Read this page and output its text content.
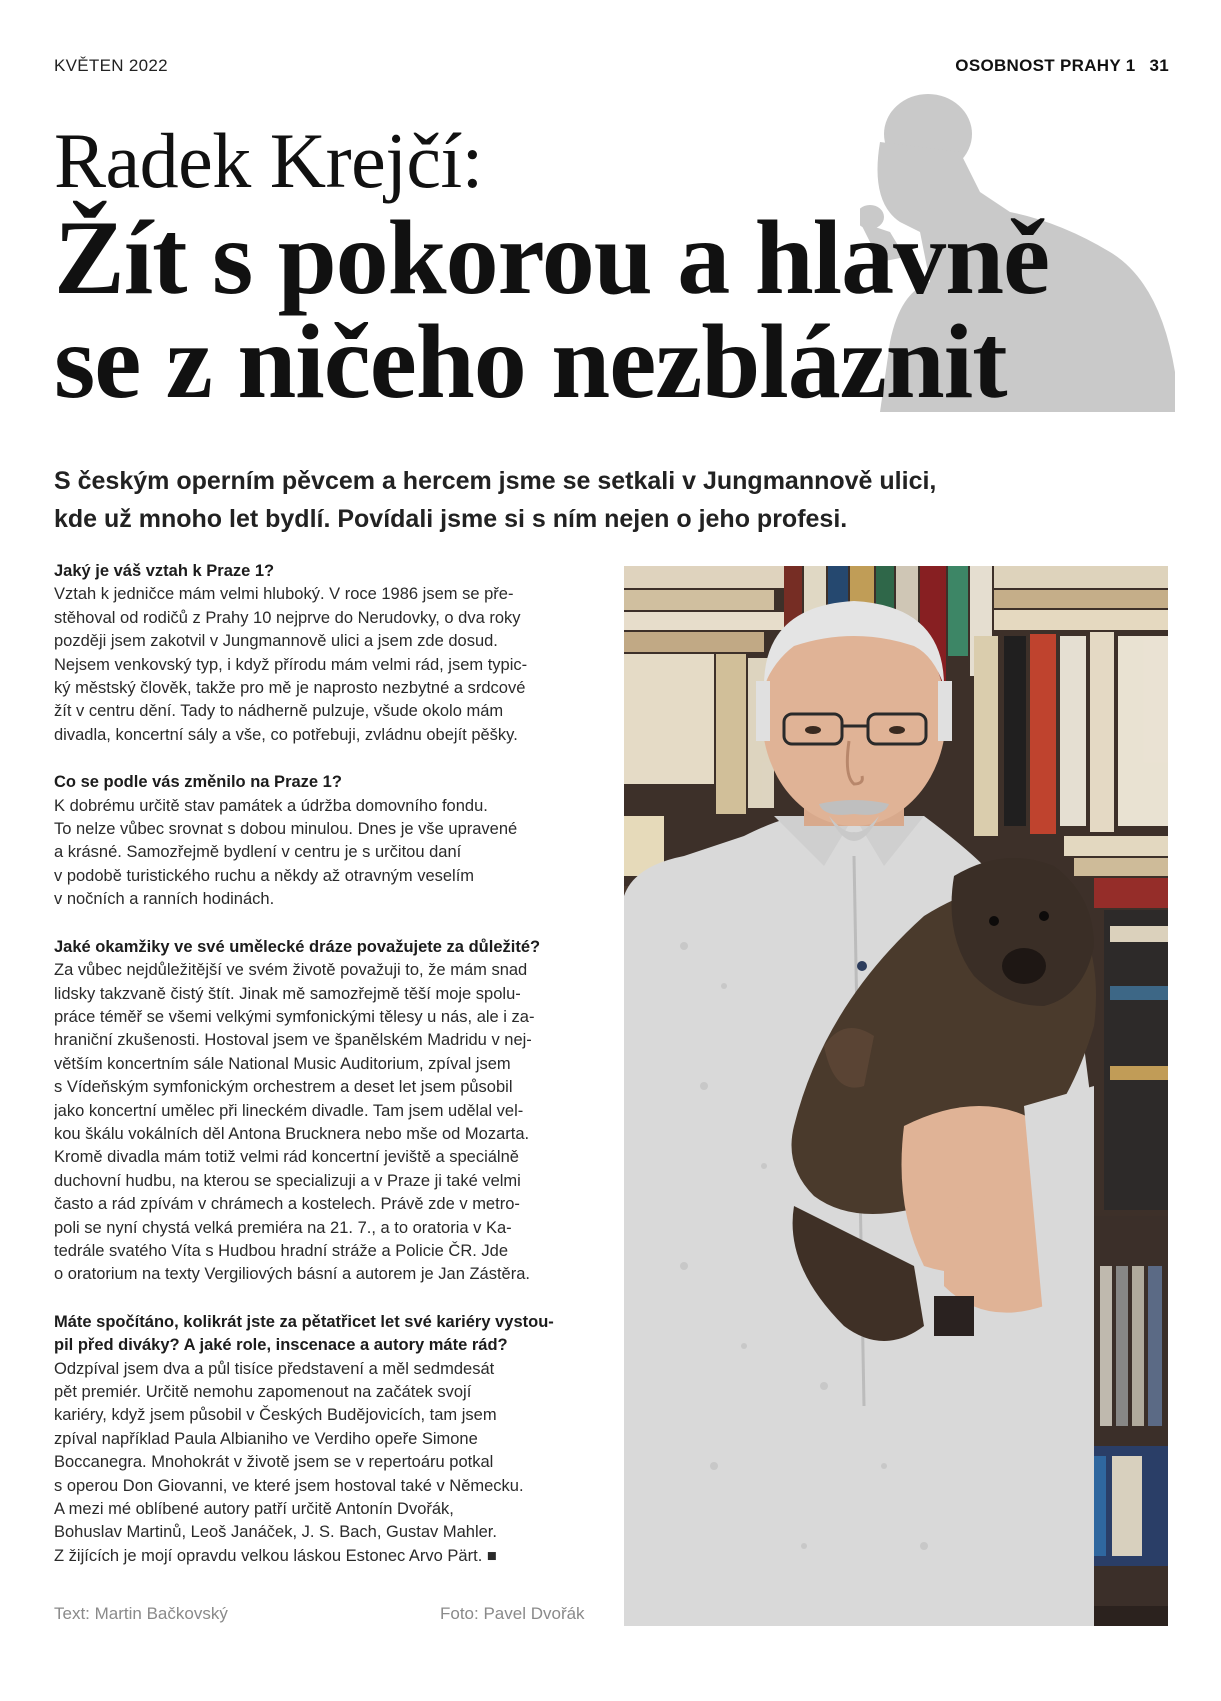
KVĚTEN 2022	OSOBNOST PRAHY 1 31
Radek Krejčí:
Žít s pokorou a hlavně
se z ničeho nezbláznit
S českým operním pěvcem a hercem jsme se setkali v Jungmannově ulici,
kde už mnoho let bydlí. Povídali jsme si s ním nejen o jeho profesi.
Jaký je váš vztah k Praze 1?
Vztah k jedničce mám velmi hluboký. V roce 1986 jsem se pře-
stěhoval od rodičů z Prahy 10 nejprve do Nerudovky, o dva roky
později jsem zakotvil v Jungmannově ulici a jsem zde dosud.
Nejsem venkovský typ, i když přírodu mám velmi rád, jsem typic-
ký městský člověk, takže pro mě je naprosto nezbytné a srdcové
žít v centru dění. Tady to nádherně pulzuje, všude okolo mám
divadla, koncertní sály a vše, co potřebuji, zvládnu obejít pěšky.
Co se podle vás změnilo na Praze 1?
K dobrému určitě stav památek a údržba domovního fondu.
To nelze vůbec srovnat s dobou minulou. Dnes je vše upravené
a krásné. Samozřejmě bydlení v centru je s určitou daní
v podobě turistického ruchu a někdy až otravným veselím
v nočních a ranních hodinách.
Jaké okamžiky ve své umělecké dráze považujete za důležité?
Za vůbec nejdůležitější ve svém životě považuji to, že mám snad
lidsky takzvaně čistý štít. Jinak mě samozřejmě těší moje spolu-
práce téměř se všemi velkými symfonickými tělesy u nás, ale i za-
hraniční zkušenosti. Hostoval jsem ve španělském Madridu v nej-
větším koncertním sále National Music Auditorium, zpíval jsem
s Vídeňským symfonickým orchestrem a deset let jsem působil
jako koncertní umělec při lineckém divadle. Tam jsem udělal vel-
kou škálu vokálních děl Antona Brucknera nebo mše od Mozarta.
Kromě divadla mám totiž velmi rád koncertní jeviště a speciálně
duchovní hudbu, na kterou se specializuji a v Praze ji také velmi
často a rád zpívám v chrámech a kostelech. Právě zde v metro-
poli se nyní chystá velká premiéra na 21. 7., a to oratoria v Ka-
tedrále svatého Víta s Hudbou hradní stráže a Policie ČR. Jde
o oratorium na texty Vergiliových básní a autorem je Jan Zástěra.
Máte spočítáno, kolikrát jste za pětatřicet let své kariéry vystou-
pil před diváky? A jaké role, inscenace a autory máte rád?
Odzpíval jsem dva a půl tisíce představení a měl sedmdesát
pět premiér. Určitě nemohu zapomenout na začátek svojí
kariéry, když jsem působil v Českých Budějovicích, tam jsem
zpíval například Paula Albianiho ve Verdiho opeře Simone
Boccanegra. Mnohokrát v životě jsem se v repertoáru potkal
s operou Don Giovanni, ve které jsem hostoval také v Německu.
A mezi mé oblíbené autory patří určitě Antonín Dvořák,
Bohuslav Martinů, Leoš Janáček, J. S. Bach, Gustav Mahler.
Z žijících je mojí opravdu velkou láskou Estonec Arvo Pärt. ■
Text: Martin Bačkovský	Foto: Pavel Dvořák
